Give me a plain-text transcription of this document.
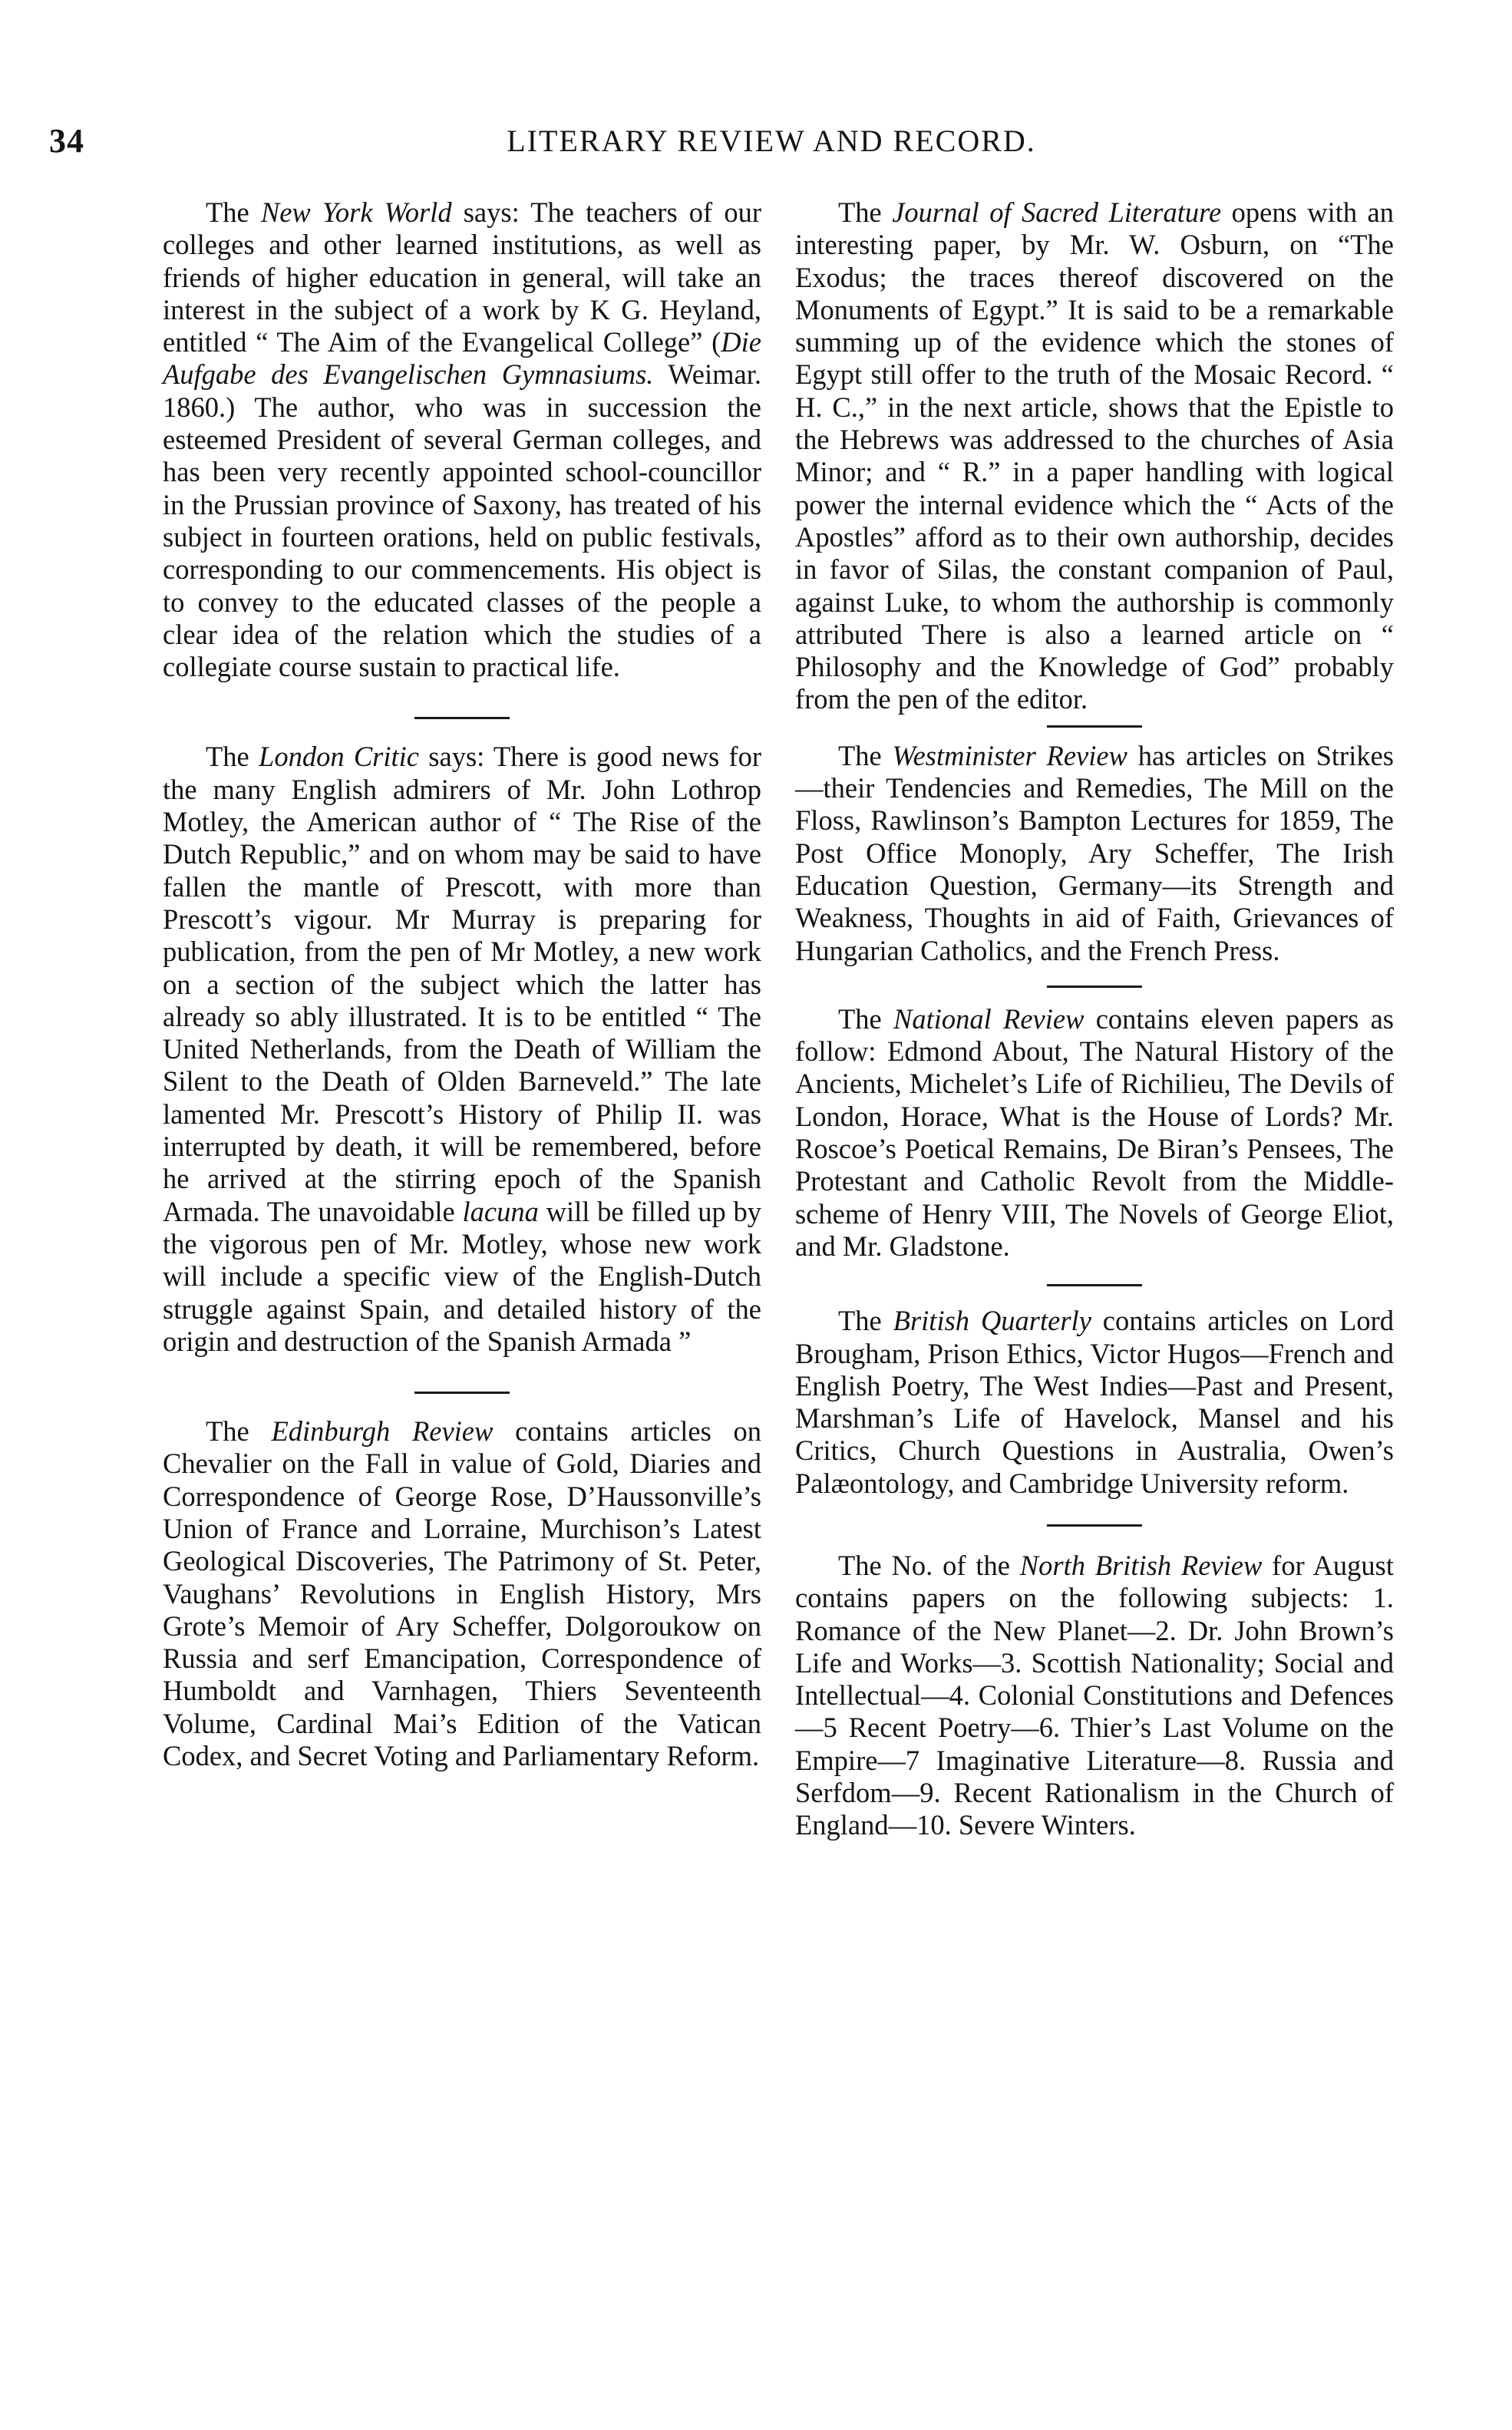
34	LITERARY REVIEW AND RECORD.

The New York World says: The teachers of our colleges and other learned institutions, as well as friends of higher education in general, will take an interest in the subject of a work by K G. Heyland, entitled “ The Aim of the Evangelical College” (Die Aufgabe des Evangelischen Gymnasiums. Weimar. 1860.) The author, who was in succession the esteemed President of several German colleges, and has been very recently appointed school-councillor in the Prussian province of Saxony, has treated of his subject in fourteen orations, held on public festivals, corresponding to our commencements. His object is to convey to the educated classes of the people a clear idea of the relation which the studies of a collegiate course sustain to practical life.

The London Critic says: There is good news for the many English admirers of Mr. John Lothrop Motley, the American author of “ The Rise of the Dutch Republic,” and on whom may be said to have fallen the mantle of Prescott, with more than Prescott’s vigour. Mr Murray is preparing for publication, from the pen of Mr Motley, a new work on a section of the subject which the latter has already so ably illustrated. It is to be entitled “ The United Netherlands, from the Death of William the Silent to the Death of Olden Barneveld.” The late lamented Mr. Prescott’s History of Philip II. was interrupted by death, it will be remembered, before he arrived at the stirring epoch of the Spanish Armada. The unavoidable lacuna will be filled up by the vigorous pen of Mr. Motley, whose new work will include a specific view of the English-Dutch struggle against Spain, and detailed history of the origin and destruction of the Spanish Armada ”

The Edinburgh Review contains articles on Chevalier on the Fall in value of Gold, Diaries and Correspondence of George Rose, D’Haussonville’s Union of France and Lorraine, Murchison’s Latest Geological Discoveries, The Patrimony of St. Peter, Vaughans’ Revolutions in English History, Mrs Grote’s Memoir of Ary Scheffer, Dolgoroukow on Russia and serf Emancipation, Correspondence of Humboldt and Varnhagen, Thiers Seventeenth Volume, Cardinal Mai’s Edition of the Vatican Codex, and Secret Voting and Parliamentary Reform.

The Journal of Sacred Literature opens with an interesting paper, by Mr. W. Osburn, on “The Exodus; the traces thereof discovered on the Monuments of Egypt.” It is said to be a remarkable summing up of the evidence which the stones of Egypt still offer to the truth of the Mosaic Record. “ H. C.,” in the next article, shows that the Epistle to the Hebrews was addressed to the churches of Asia Minor; and “ R.” in a paper handling with logical power the internal evidence which the “ Acts of the Apostles” afford as to their own authorship, decides in favor of Silas, the constant companion of Paul, against Luke, to whom the authorship is commonly attributed There is also a learned article on “ Philosophy and the Knowledge of God” probably from the pen of the editor.

The Westminister Review has articles on Strikes—their Tendencies and Remedies, The Mill on the Floss, Rawlinson’s Bampton Lectures for 1859, The Post Office Monoply, Ary Scheffer, The Irish Education Question, Germany—its Strength and Weakness, Thoughts in aid of Faith, Grievances of Hungarian Catholics, and the French Press.

The National Review contains eleven papers as follow: Edmond About, The Natural History of the Ancients, Michelet’s Life of Richilieu, The Devils of London, Horace, What is the House of Lords? Mr. Roscoe’s Poetical Remains, De Biran’s Pensees, The Protestant and Catholic Revolt from the Middle-scheme of Henry VIII, The Novels of George Eliot, and Mr. Gladstone.

The British Quarterly contains articles on Lord Brougham, Prison Ethics, Victor Hugos—French and English Poetry, The West Indies—Past and Present, Marshman’s Life of Havelock, Mansel and his Critics, Church Questions in Australia, Owen’s Palæontology, and Cambridge University reform.

The No. of the North British Review for August contains papers on the following subjects: 1. Romance of the New Planet—2. Dr. John Brown’s Life and Works—3. Scottish Nationality; Social and Intellectual—4. Colonial Constitutions and Defences—5 Recent Poetry—6. Thier’s Last Volume on the Empire—7 Imaginative Literature—8. Russia and Serfdom—9. Recent Rationalism in the Church of England—10. Severe Winters.
